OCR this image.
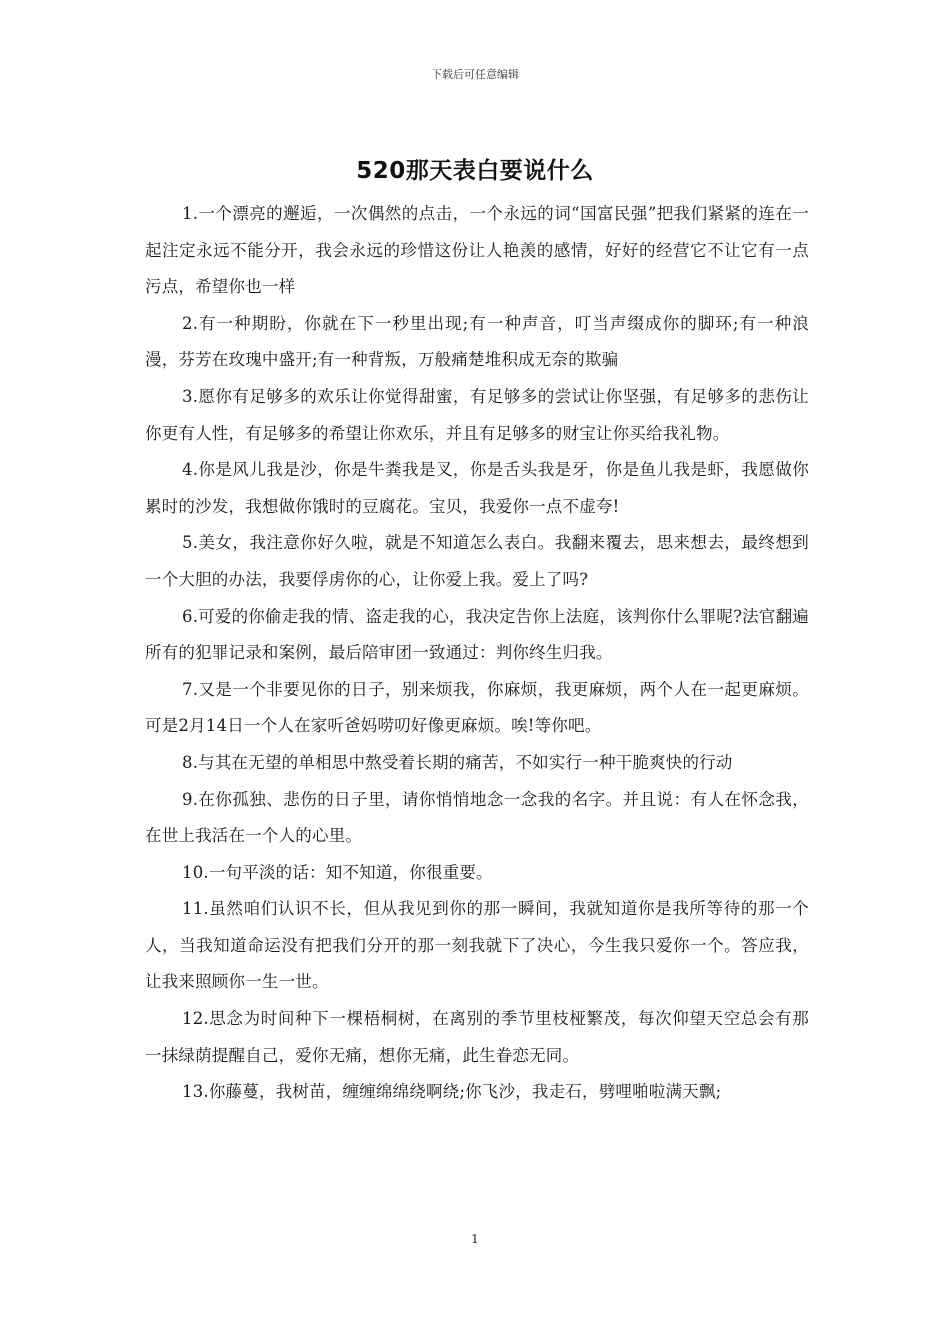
下载后可任意编辑
520那天表白要说什么

1.一个漂亮的邂逅，一次偶然的点击，一个永远的词“国富民强”把我们紧紧的连在一起注定永远不能分开，我会永远的珍惜这份让人艳羡的感情，好好的经营它不让它有一点污点，希望你也一样

2.有一种期盼，你就在下一秒里出现;有一种声音，叮当声缀成你的脚环;有一种浪漫，芬芳在玫瑰中盛开;有一种背叛，万般痛楚堆积成无奈的欺骗

3.愿你有足够多的欢乐让你觉得甜蜜，有足够多的尝试让你坚强，有足够多的悲伤让你更有人性，有足够多的希望让你欢乐，并且有足够多的财宝让你买给我礼物。

4.你是风儿我是沙，你是牛粪我是叉，你是舌头我是牙，你是鱼儿我是虾，我愿做你累时的沙发，我想做你饿时的豆腐花。宝贝，我爱你一点不虚夸!

5.美女，我注意你好久啦，就是不知道怎么表白。我翻来覆去，思来想去，最终想到一个大胆的办法，我要俘虏你的心，让你爱上我。爱上了吗?

6.可爱的你偷走我的情、盗走我的心，我决定告你上法庭，该判你什么罪呢?法官翻遍所有的犯罪记录和案例，最后陪审团一致通过：判你终生归我。

7.又是一个非要见你的日子，别来烦我，你麻烦，我更麻烦，两个人在一起更麻烦。可是2月14日一个人在家听爸妈唠叨好像更麻烦。唉!等你吧。

8.与其在无望的单相思中熬受着长期的痛苦，不如实行一种干脆爽快的行动

9.在你孤独、悲伤的日子里，请你悄悄地念一念我的名字。并且说：有人在怀念我，在世上我活在一个人的心里。

10.一句平淡的话：知不知道，你很重要。

11.虽然咱们认识不长，但从我见到你的那一瞬间，我就知道你是我所等待的那一个人，当我知道命运没有把我们分开的那一刻我就下了决心，今生我只爱你一个。答应我，让我来照顾你一生一世。

12.思念为时间种下一棵梧桐树，在离别的季节里枝桠繁茂，每次仰望天空总会有那一抹绿荫提醒自己，爱你无痛，想你无痛，此生眷恋无同。

13.你藤蔓，我树苗，缠缠绵绵绕啊绕;你飞沙，我走石，劈哩啪啦满天飘;

1
